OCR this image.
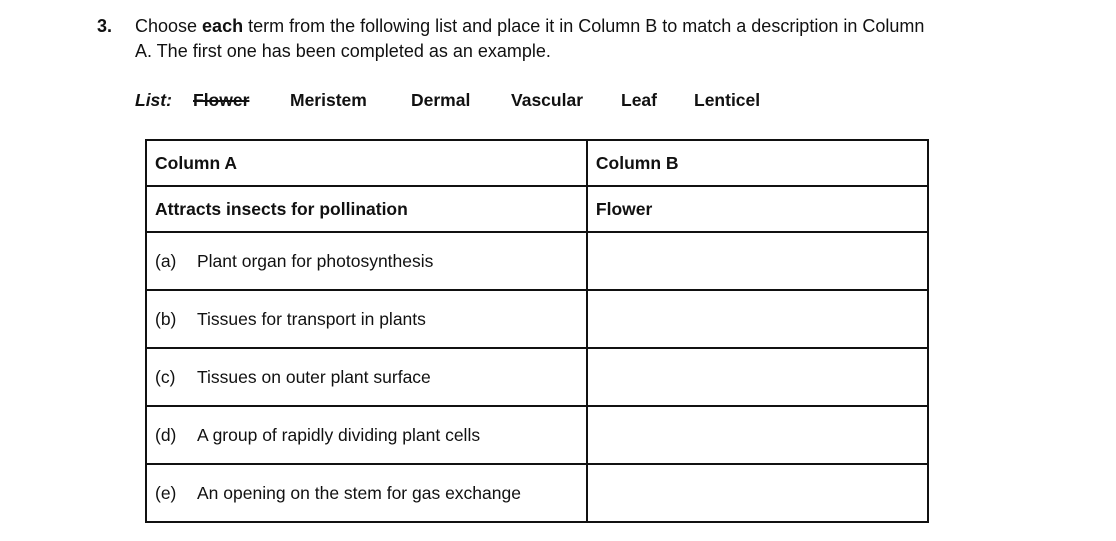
3. Choose each term from the following list and place it in Column B to match a description in Column A. The first one has been completed as an example.
List: Flower Meristem	Dermal Vascular Leaf Lenticel
Column A	Column B
Attracts insects for pollination	Flower
(a) Plant organ for photosynthesis	
(b) Tissues for transport in plants	
(c) Tissues on outer plant surface	
(d) A group of rapidly dividing plant cells	
(e) An opening on the stem for gas exchange	
